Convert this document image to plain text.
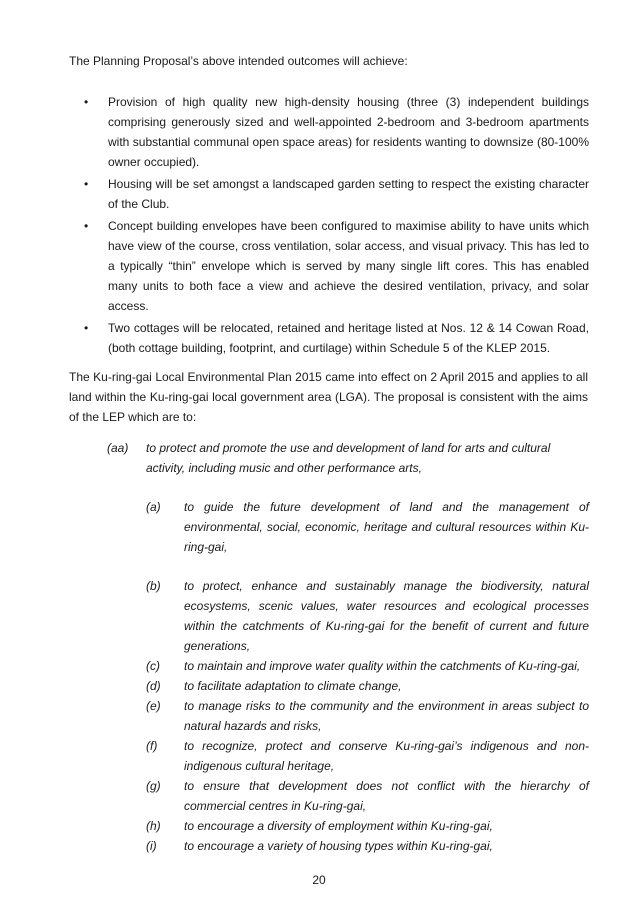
The Planning Proposal’s above intended outcomes will achieve:

•	Provision of high quality new high-density housing (three (3) independent buildings comprising generously sized and well-appointed 2-bedroom and 3-bedroom apartments with substantial communal open space areas) for residents wanting to downsize (80-100% owner occupied).
•	Housing will be set amongst a landscaped garden setting to respect the existing character of the Club.
•	Concept building envelopes have been configured to maximise ability to have units which have view of the course, cross ventilation, solar access, and visual privacy. This has led to a typically “thin” envelope which is served by many single lift cores. This has enabled many units to both face a view and achieve the desired ventilation, privacy, and solar access.
•	Two cottages will be relocated, retained and heritage listed at Nos. 12 & 14 Cowan Road, (both cottage building, footprint, and curtilage) within Schedule 5 of the KLEP 2015.

The Ku-ring-gai Local Environmental Plan 2015 came into effect on 2 April 2015 and applies to all land within the Ku-ring-gai local government area (LGA). The proposal is consistent with the aims of the LEP which are to:

(aa) to protect and promote the use and development of land for arts and cultural activity, including music and other performance arts,
(a) to guide the future development of land and the management of environmental, social, economic, heritage and cultural resources within Ku-ring-gai,
(b) to protect, enhance and sustainably manage the biodiversity, natural ecosystems, scenic values, water resources and ecological processes within the catchments of Ku-ring-gai for the benefit of current and future generations,
(c) to maintain and improve water quality within the catchments of Ku-ring-gai,
(d) to facilitate adaptation to climate change,
(e) to manage risks to the community and the environment in areas subject to natural hazards and risks,
(f) to recognize, protect and conserve Ku-ring-gai’s indigenous and non-indigenous cultural heritage,
(g) to ensure that development does not conflict with the hierarchy of commercial centres in Ku-ring-gai,
(h) to encourage a diversity of employment within Ku-ring-gai,
(i) to encourage a variety of housing types within Ku-ring-gai,
20
